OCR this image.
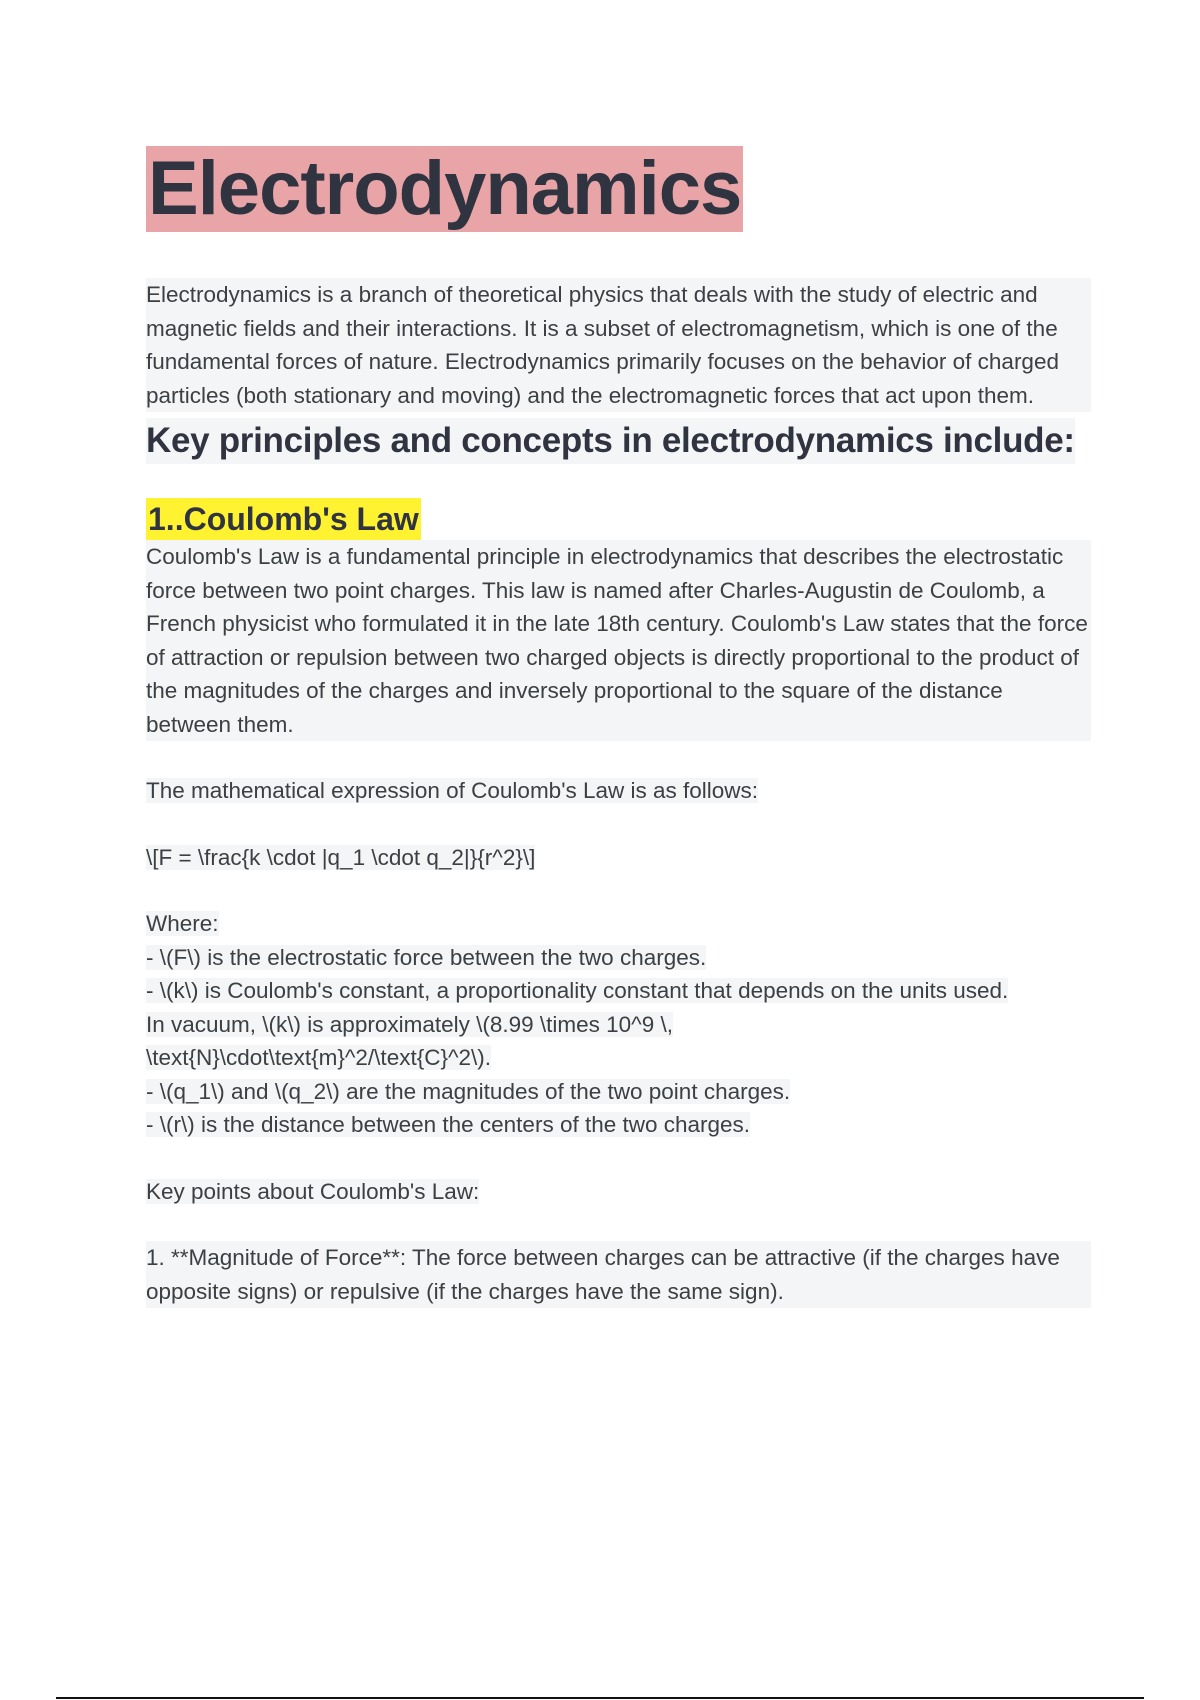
Electrodynamics
Electrodynamics is a branch of theoretical physics that deals with the study of electric and magnetic fields and their interactions. It is a subset of electromagnetism, which is one of the fundamental forces of nature. Electrodynamics primarily focuses on the behavior of charged particles (both stationary and moving) and the electromagnetic forces that act upon them.
Key principles and concepts in electrodynamics include:
1..Coulomb's Law
Coulomb's Law is a fundamental principle in electrodynamics that describes the electrostatic force between two point charges. This law is named after Charles-Augustin de Coulomb, a French physicist who formulated it in the late 18th century. Coulomb's Law states that the force of attraction or repulsion between two charged objects is directly proportional to the product of the magnitudes of the charges and inversely proportional to the square of the distance between them.
The mathematical expression of Coulomb's Law is as follows:
\[F = \frac{k \cdot |q_1 \cdot q_2|}{r^2}\]
Where:
- \(F\) is the electrostatic force between the two charges.
- \(k\) is Coulomb's constant, a proportionality constant that depends on the units used.
In vacuum, \(k\) is approximately \(8.99 \times 10^9 \,
\text{N}\cdot\text{m}^2/\text{C}^2\).
- \(q_1\) and \(q_2\) are the magnitudes of the two point charges.
- \(r\) is the distance between the centers of the two charges.
Key points about Coulomb's Law:
1. **Magnitude of Force**: The force between charges can be attractive (if the charges have opposite signs) or repulsive (if the charges have the same sign).
